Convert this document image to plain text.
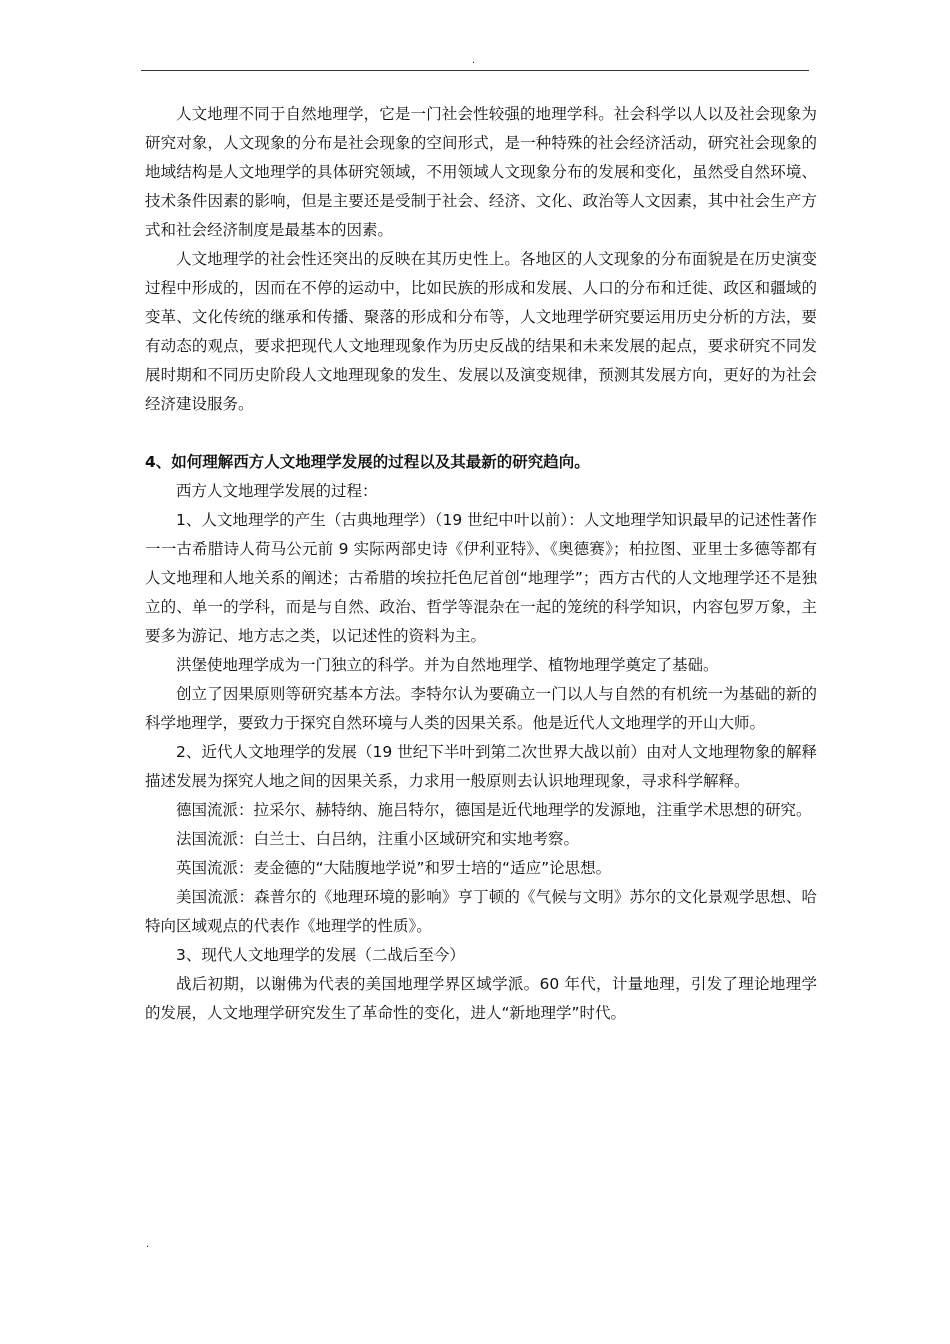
.

人文地理不同于自然地理学，它是一门社会性较强的地理学科。社会科学以人以及社会现象为研究对象，人文现象的分布是社会现象的空间形式，是一种特殊的社会经济活动，研究社会现象的地域结构是人文地理学的具体研究领域，不用领域人文现象分布的发展和变化，虽然受自然环境、技术条件因素的影响，但是主要还是受制于社会、经济、文化、政治等人文因素，其中社会生产方式和社会经济制度是最基本的因素。

人文地理学的社会性还突出的反映在其历史性上。各地区的人文现象的分布面貌是在历史演变过程中形成的，因而在不停的运动中，比如民族的形成和发展、人口的分布和迁徙、政区和疆域的变革、文化传统的继承和传播、聚落的形成和分布等，人文地理学研究要运用历史分析的方法，要有动态的观点，要求把现代人文地理现象作为历史反战的结果和未来发展的起点，要求研究不同发展时期和不同历史阶段人文地理现象的发生、发展以及演变规律，预测其发展方向，更好的为社会经济建设服务。

4、如何理解西方人文地理学发展的过程以及其最新的研究趋向。

西方人文地理学发展的过程：

1、人文地理学的产生（古典地理学）（19 世纪中叶以前）：人文地理学知识最早的记述性著作一一古希腊诗人荷马公元前 9 实际两部史诗《伊利亚特》、《奥德赛》；柏拉图、亚里士多德等都有人文地理和人地关系的阐述；古希腊的埃拉托色尼首创“地理学”；西方古代的人文地理学还不是独立的、单一的学科，而是与自然、政治、哲学等混杂在一起的笼统的科学知识，内容包罗万象，主要多为游记、地方志之类，以记述性的资料为主。

洪堡使地理学成为一门独立的科学。并为自然地理学、植物地理学奠定了基础。

创立了因果原则等研究基本方法。李特尔认为要确立一门以人与自然的有机统一为基础的新的科学地理学，要致力于探究自然环境与人类的因果关系。他是近代人文地理学的开山大师。

2、近代人文地理学的发展（19 世纪下半叶到第二次世界大战以前）由对人文地理物象的解释描述发展为探究人地之间的因果关系，力求用一般原则去认识地理现象，寻求科学解释。

德国流派：拉采尔、赫特纳、施吕特尔，德国是近代地理学的发源地，注重学术思想的研究。

法国流派：白兰士、白吕纳，注重小区域研究和实地考察。

英国流派：麦金德的“大陆腹地学说”和罗士培的“适应”论思想。

美国流派：森普尔的《地理环境的影响》亨丁顿的《气候与文明》苏尔的文化景观学思想、哈特向区域观点的代表作《地理学的性质》。

3、现代人文地理学的发展（二战后至今）

战后初期，以谢佛为代表的美国地理学界区域学派。60 年代，计量地理，引发了理论地理学的发展，人文地理学研究发生了革命性的变化，进人“新地理学”时代。

.
